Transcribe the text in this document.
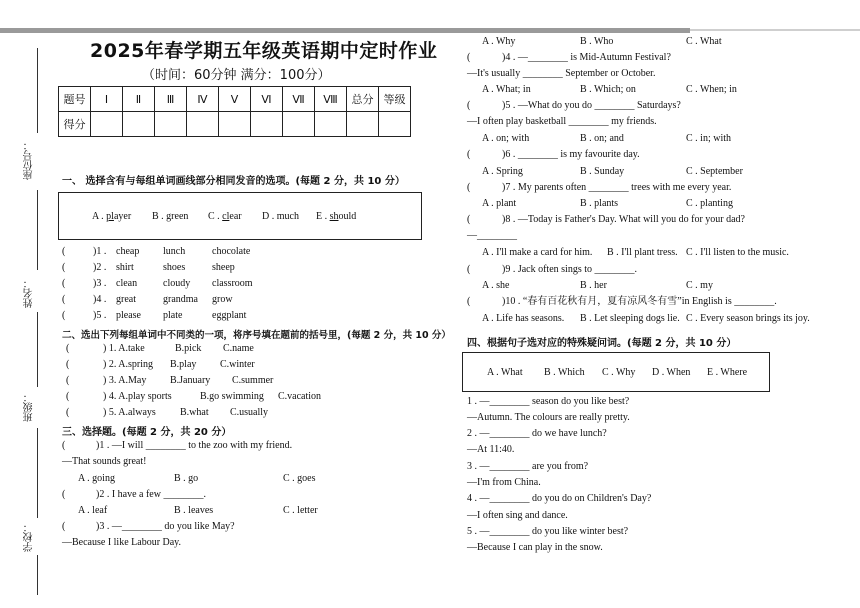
座位号：
姓名：
班级：
学校：
2025年春学期五年级英语期中定时作业
（时间：60分钟 满分：100分）
题号	Ⅰ	Ⅱ	Ⅲ	Ⅳ	Ⅴ	Ⅵ	Ⅶ	Ⅷ	总分	等级
得分										
一、 选择含有与每组单词画线部分相同发音的选项。(每题 2 分，共 10 分）
A . player B . green C . clear D . much E . should
(	)1 . cheap lunch	chocolate
(	)2 . shirt	shoes	sheep
(	)3 . clean	cloudy classroom
(	)4 . great	grandma grow
(	)5 . please plate	eggplant
二、选出下列每组单词中不同类的一项，将序号填在题前的括号里，(每题 2 分，共 10 分）
(	) 1. A.take	B.pick C.name
(	) 2. A.spring B.play C.winter
(	) 3. A.May B.January C.summer
(	) 4. A.play sports	B.go swimming C.vacation
(	) 5. A.always B.what C.usually
三、选择题。(每题 2 分，共 20 分）
(	)1 . —I will ________ to the zoo with my friend.
—That sounds great!
A . going	B . go	C . goes
(	)2 . I have a few ________.
A . leaf	B . leaves	C . letter
(	)3 . —________ do you like May?
—Because I like Labour Day.
A . Why	B . Who	C . What
(	)4 . —________ is Mid-Autumn Festival?
—It's usually ________ September or October.
A . What; in	B . Which; on	C . When; in
(	)5 . —What do you do ________ Saturdays?
—I often play basketball ________ my friends.
A . on; with	B . on; and	C . in; with
(	)6 . ________ is my favourite day.
A . Spring	B . Sunday	C . September
(	)7 . My parents often ________ trees with me every year.
A . plant	B . plants	C . planting
(	)8 . —Today is Father's Day. What will you do for your dad?
—________
A . I'll make a card for him. B . I'll plant tress. C . I'll listen to the music.
(	)9 . Jack often sings to ________.
A . she	B . her	C . my
(	)10 . “春有百花秋有月，夏有凉风冬有雪”in English is ________.
A . Life has seasons. B . Let sleeping dogs lie. C . Every season brings its joy.
四、根据句子选对应的特殊疑问词。(每题 2 分，共 10 分）
A . What B . Which C . Why D . When E . Where
1 . —________ season do you like best?
—Autumn. The colours are really pretty.
2 . —________ do we have lunch?
—At 11:40.
3 . —________ are you from?
—I'm from China.
4 . —________ do you do on Children's Day?
—I often sing and dance.
5 . —________ do you like winter best?
—Because I can play in the snow.
